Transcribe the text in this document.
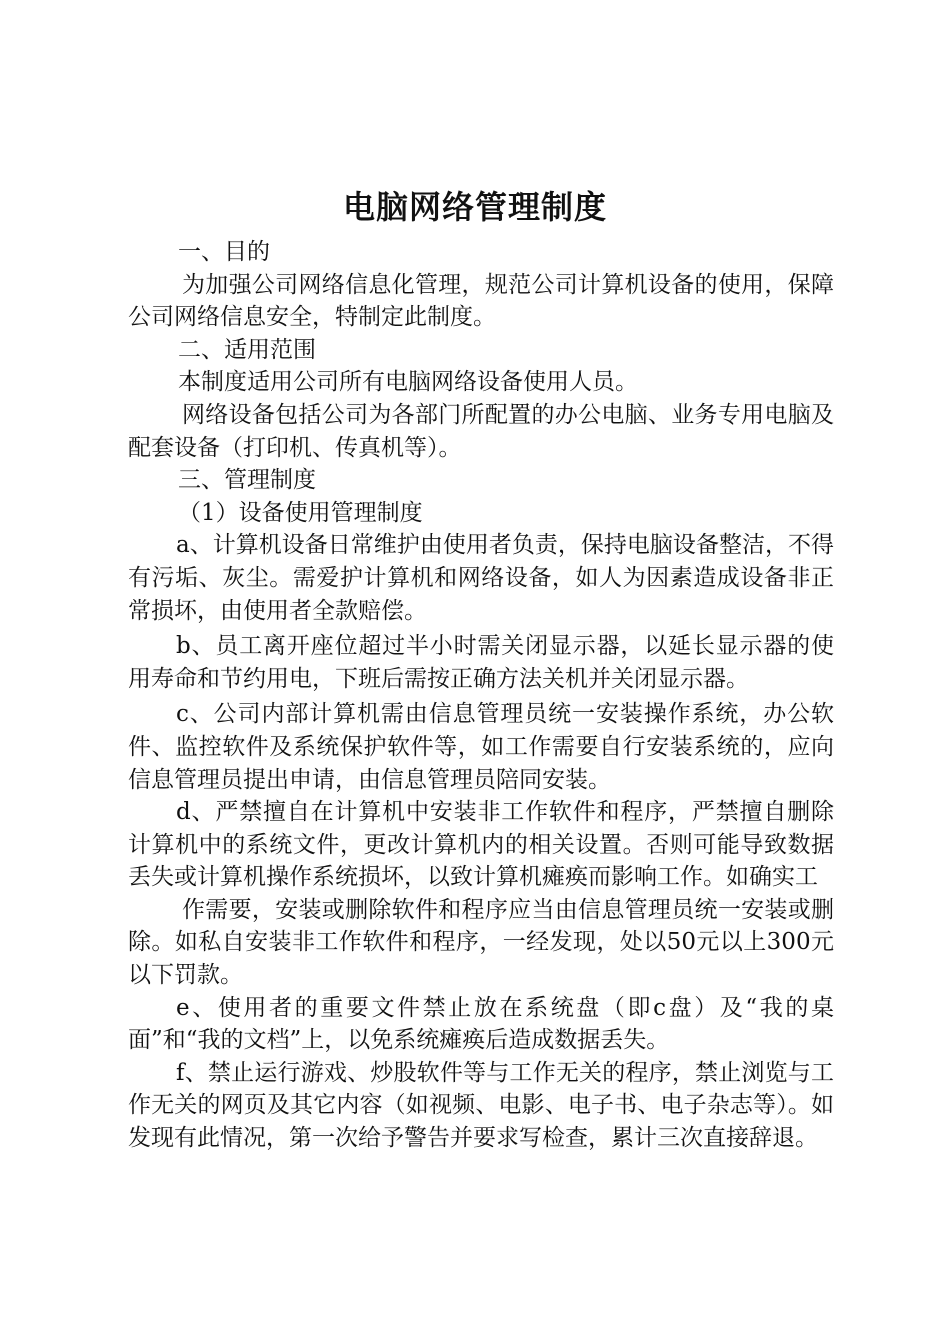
电脑网络管理制度

一、目的

为加强公司网络信息化管理，规范公司计算机设备的使用，保障公司网络信息安全，特制定此制度。

二、适用范围

本制度适用公司所有电脑网络设备使用人员。

网络设备包括公司为各部门所配置的办公电脑、业务专用电脑及配套设备（打印机、传真机等）。

三、管理制度

（1）设备使用管理制度

a、计算机设备日常维护由使用者负责，保持电脑设备整洁，不得有污垢、灰尘。需爱护计算机和网络设备，如人为因素造成设备非正常损坏，由使用者全款赔偿。

b、员工离开座位超过半小时需关闭显示器，以延长显示器的使用寿命和节约用电，下班后需按正确方法关机并关闭显示器。

c、公司内部计算机需由信息管理员统一安装操作系统，办公软件、监控软件及系统保护软件等，如工作需要自行安装系统的，应向信息管理员提出申请，由信息管理员陪同安装。

d、严禁擅自在计算机中安装非工作软件和程序，严禁擅自删除计算机中的系统文件，更改计算机内的相关设置。否则可能导致数据丢失或计算机操作系统损坏，以致计算机瘫痪而影响工作。如确实工

作需要，安装或删除软件和程序应当由信息管理员统一安装或删除。如私自安装非工作软件和程序，一经发现，处以50元以上300元以下罚款。

e、使用者的重要文件禁止放在系统盘（即c盘）及“我的桌面”和“我的文档”上，以免系统瘫痪后造成数据丢失。

f、禁止运行游戏、炒股软件等与工作无关的程序，禁止浏览与工作无关的网页及其它内容（如视频、电影、电子书、电子杂志等）。如发现有此情况，第一次给予警告并要求写检查，累计三次直接辞退。
